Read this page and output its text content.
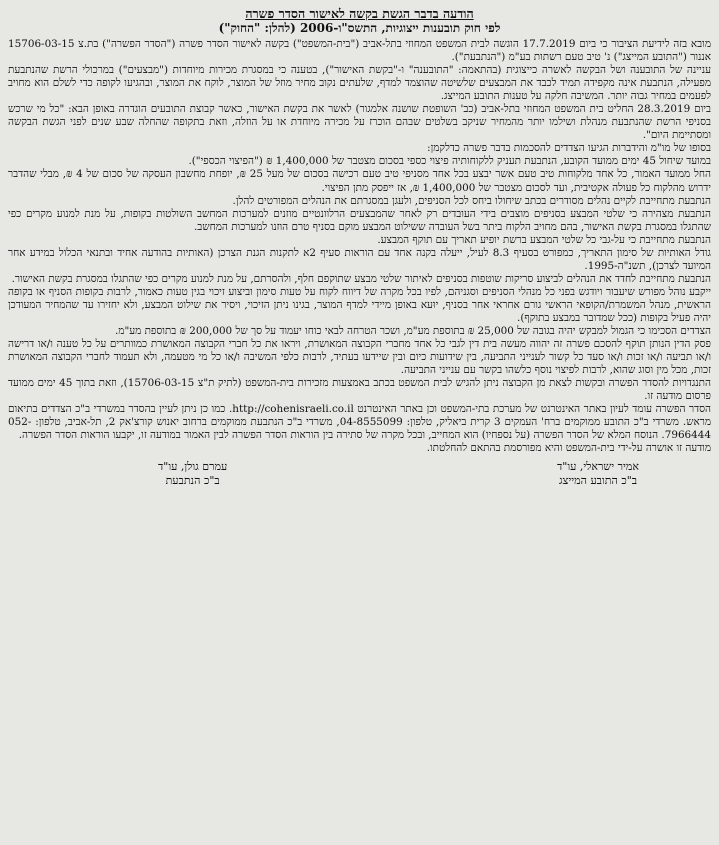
הודעה בדבר הגשת בקשה לאישור הסדר פשרה
לפי חוק תובענות ייצוגיות, התשס"ו-2006 (להלן: "החוק")

מובא בזה לידיעת הציבור כי ביום 17.7.2019 הוגשה לבית המשפט המחוזי בתל-אביב ("בית-המשפט") בקשה לאישור הסדר פשרה ("הסדר הפשרה") בת.צ 15706-03-15 אננור ("התובע המייצג") נ' טיב טעם רשתות בע"מ ("הנתבעת").

עניינה של התובענה ושל הבקשה לאשרה כייצוגית (בהתאמה: "התובענה" ו-"בקשת האישור"), בטענה כי במסגרת מכירות מיוחדות ("מבצעים") במרכולי הרשת שהנתבעת מפעילה, הנתבעת אינה מקפידה תמיד לכבד את המבצעים שלשיטה שהוצמד למדף, שלעתים נקוב מחיר מוזל של המוצר, לוקח את המוצר, ובהגיעו לקופה כדי לשלם הוא מחויב לפעמים במחיר גבוה יותר. המשיבה חלקה על טענות התובע המייצג.

ביום 28.3.2019 החליט בית המשפט המחוזי בתל-אביב (כב' השופטת שושנה אלמגור) לאשר את בקשת האישור, כאשר קבוצת התובעים הוגדרה באופן הבא: "כל מי שרכש בסניפי הרשת שהנתבעת מנהלת ושילמו יותר מהמחיר שניקב בשלטים שבהם הוכרז על מכירה מיוחדת או על הוזלה, וזאת בתקופה שהחלה שבע שנים לפני הגשת הבקשה ומסתיימת היום".

בסופו של מו"מ והידברות הגיעו הצדדים להסכמות בדבר פשרה כדלקמן:

במועד שיחול 45 ימים ממועד הקובע, הנתבעת תעניק ללקוחותיה פיצוי כספי בסכום מצטבר של 1,400,000 ₪ ("הפיצוי הכספי").

החל ממועד האמור, כל אחד מלקוחות טיב טעם אשר יבצע בכל אחד מסניפי טיב טעם רכישה בסכום של מעל 25 ₪, יופחת מחשבון העסקה של סכום של 4 ₪, מבלי שהדבר ידרוש מהלקוח כל פעולה אקטיבית, ועד לסכום מצטבר של 1,400,000 ₪, אז ייפסק מתן הפיצוי.

הנתבעת מתחייבת לקיים נהלים מסודרים בכתב שיחולו ביחס לכל הסניפים, ולעגן במסגרתם את הנהלים המפורטים להלן.

הנתבעת מצהירה כי שלטי המבצע בסניפים מוצבים בידי העובדים רק לאחר שהמבצעים הרלוונטיים מוזנים למערכות המחשב השולטות בקופות, על מנת למנוע מקרים כפי שהתגלו במסגרת בקשת האישור, בהם מחויב הלקוח ביתר בשל העובדה ששילוט המבצע מוקם בסניף טרם הוזנו למערכות המחשב.

הנתבעת מתחייבת כי על-גבי כל שלטי המבצע ברשת יופיע תאריך עם תוקף המבצע.

גודל האותיות של סימון התאריך, כמפורט בסעיף 8.3 לעיל, ייעלה בקנה אחד עם הוראות סעיף 2א לתקנות הגנת הצרכן (האותיות בהודעה אחיד ובתנאי הכלול במידע אחר המיועד לצרכן), תשנ"ה-1995.

הנתבעת מתחייבת לחדד את הנהלים לביצוע סריקות שוטפות בסניפים לאיתור שלטי מבצע שתוקפם חלף, ולהסרתם, על מנת למנוע מקרים כפי שהתגלו במסגרת בקשת האישור.

ייקבע נוהל מפורש שיעבור ויודגש בפני כל מנהלי הסניפים וסגניהם, לפיו בכל מקרה של דיווח לקוח על טעות סימון וביצוע זיכוי בגין טעות כאמור, לרבות בקופות הסניף או בקופה הראשית, מנהל המשמרת/הקופאי הראשי גורם אחראי אחר בסניף, יוּעא באופן מיידי למדף המוצר, בגינו ניתן הזיכוי, ויסיר את שילוט המבצע, ולא יחזירו עד שהמחיר המעודכן יהיה פעיל בקופות (ככל שמדובר במבצע בתוקף).

הצדדים הסכימו כי הגמול למבקש יהיה בגובה של 25,000 ₪ בתוספת מע"מ, ושכר הטרחה לבאי כוחו יעמוד על סך של 200,000 ₪ בתוספת מע"מ.

פסק הדין הנותן תוקף להסכם פשרה זה יהווה מעשה בית דין לגבי כל אחד מחברי הקבוצה המאושרת, ויראו את כל חברי הקבוצה המאושרת כמוותרים על כל טענה ו/או דרישה ו/או תביעה ו/או זכות ו/או סעד כל קשור לענייני התביעה, בין שידועות כיום ובין שיידעו בעתיד, לרבות כלפי המשיבה ו/או כל מי מטעמה, ולא תעמוד לחברי הקבוצה המאושרת זכות, מכל מין וסוג שהוא, לרבות לפיצוי נוסף כלשהו בקשר עם ענייני התביעה.

התנגדויות להסדר הפשרה ובקשות לצאת מן הקבוצה ניתן להגיש לבית המשפט בכתב באמצעות מזכירות בית-המשפט (לתיק ת"צ 15706-03-15), וזאת בתוך 45 ימים ממועד פרסום מודעה זו.

הסדר הפשרה עומד לעיון באתר האינטרנט של מערכת בתי-המשפט וכן באתר האינטרנט http://cohenisraeli.co.il. כמו כן ניתן לעיין בהסדר במשרדי ב"כ הצדדים בתיאום מראש. משרדי ב"כ התובע ממוקמים ברח' העמקים 3 קרית ביאליק, טלפון: 04-8555099, משרדי ב"כ הנתבעת ממוקמים ברחוב יאנוש קורצ'אק 2, תל-אביב, טלפון: 052-7966444. הנוסח המלא של הסדר הפשרה (על נספחיו) הוא המחייב, ובכל מקרה של סתירה בין הוראות הסדר הפשרה לבין האמור במודעה זו, יקבעו הוראות הסדר הפשרה.

מודעה זו אושרה על-ידי בית-המשפט והיא מפורסמת בהתאם להחלטתו.

אמיר ישראלי, עו"ד
ב"כ התובע המייצג
עמרם גולן, עו"ד
ב"כ הנתבעת
